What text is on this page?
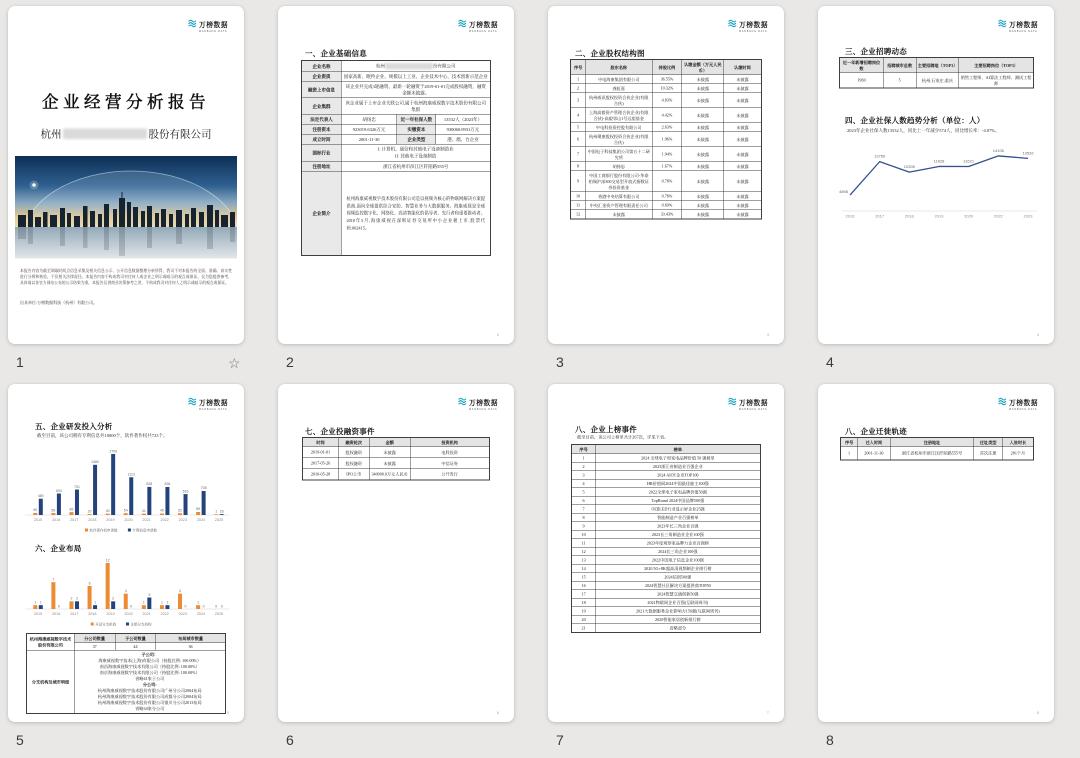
万榜数据
WANBANG DATA
企业经营分析报告
杭州	股份有限公司
本报告内容为截至调取时间点信息采集及相关信息公示、公开信息数据整理分析所得，我司不对本报告的全面、准确、真实性进行分辨和核验，不负相关法律责任。本报告内容不构成我司对任何人或企业之明示或暗示的观点或保证，仅为您提供参考，具体请以各官方网站公布的公示结果为准。本报告仅供商业决策参考之用，不构成我司对任何人之明示或暗示的观点或保证。
出具单位:万榜数据科技（杭州）有限公司。
万榜数据
WANBANG DATA
一、企业基础信息
企业名称	杭州 份有限公司		
企业资质	国家高新、瞪羚企业、规模以上工业、企业技术中心、技术创新示范企业		
融资上市信息	该企业共完成3轮融资、最新一轮融资于2019-01-01完成股权融资，融资金额未披露。		
企业集群	该企业属于上市企业关联公司,属于杭州海康威视数字技术股份有限公司集群		
法定代表人	胡扬忠	近一年社保人数	13532人（2023年）
注册资本	923019.6326万元	实缴资本	930060.0931万元
成立时间	2001-11-30	企业类型	港、澳、台企业
国标行业	I: 计算机、通信和其他电子设备制造业
II: 其他电子设备制造		

注册地址	浙江省杭州市滨江区阡陌路555号		
企业简介	杭州海康威视数字技术股份有限公司是以视频为核心的物联网解决方案提供商,面向全球提供综合安防、智慧业务与大数据服务。海康威视是全球视频监控数字化、网络化、高清智能化的倡导者、先行者和重要推动者。2010年5月,海康威视在深圳证券交易所中小企业板上市,股票代码:002415。		
2
万榜数据
WANBANG DATA
二、企业股权结构图
序号	股东名称	持股比例	认缴金额（万元人民币）	认缴时间
1	中电海康集团有限公司	36.55%	未披露	未披露
2	龚虹嘉	10.32%	未披露	未披露
3	杭州威讯股权投资合伙企业(有限合伙)	4.83%	未披露	未披露
4	上海高毅资产管理合伙企业(有限合伙)-高毅邻山1号远望基金	4.42%	未披露	未披露
5	中电科投资控股有限公司	2.63%	未披露	未披露
6	杭州璞康股权投资合伙企业(有限合伙)	1.96%	未披露	未披露
7	中国电子科技集团公司第五十二研究所	1.94%	未披露	未披露
8	胡扬忠	1.67%	未披露	未披露
9	中国工商银行股份有限公司-华泰柏瑞沪深300交易型开放式指数证券投资基金	0.78%	未披露	未披露
10	香港中央结算有限公司	0.78%	未披露	未披露
11	中央汇金资产管理有限责任公司	0.69%	未披露	未披露
12	未披露	33.43%	未披露	未披露
3
万榜数据
WANBANG DATA
三、企业招聘动态
近一年新增招聘岗位数	招聘城市总数	主要招聘地（TOP3）	主要招聘岗位（TOP3）
1969	5	杭州,石家庄,重庆	销售工程师、AI算法工程师、测试工程师
四、企业社保人数趋势分析（单位：人）
2023年企业社保人数13532人，同比上一年减少574人，同比增长率：-4.07%。
2016
4898
2017
12765
2018
10305
2019
11628
2020
11621
2022
14106
2023
13532
4
万榜数据
WANBANG DATA
五、企业研发投入分析
截至目前，该公司拥有专利信息共10000个，软件著作权共723个。
2015
60
480
2016
58
634
2017
85
751
2018
29
1480
2019
40
1799
2020
54
1113
2021
41
828
2022
45
826
2023
52
616
2024
89
708
2025
1 26
软件著作权申请数 专利信息申请数
六、企业布局
2015
1 1
2016
7
0
2017
2 2
2018
6
1
2019
12
2
2020
4
0
2021
1
3
2022
1 1
2023
4
0
2024
1
0
2025
0 0
开设分支机构 注销分支机构
杭州海康威视数字技术股份有限公司	分公司数量	子公司数量	布局城市数量
	37	44	36
分支机构及城市明细	
子公司：
海康威视数字技术(上海)有限公司（持股比例: 100.00%）
南昌海康威视数字技术有限公司（持股比例: 100.00%）
南京海康威视数字技术有限公司（持股比例: 100.00%）
省略41家子公司
分公司:
杭州海康威视数字技术股份有限公司广州分公司2004布局
杭州海康威视数字技术股份有限公司成都分公司2004布局
杭州海康威视数字技术股份有限公司银川分公司2013布局
省略34家分公司
5
万榜数据
WANBANG DATA
七、企业投融资事件
时间	融资轮次	金额	投资机构
2019-01-01	股权融资	未披露	电科投资
2017-05-26	股权融资	未披露	中信证券
2010-05-28	IPO上市	340000.0万元人民币	公开发行
6
万榜数据
WANBANG DATA
八、企业上榜事件
截至目前，该公司上榜单共计267次，详见下表。
序号	榜单
1	2024 全球电子和家电品牌价值 50 强榜单
2	2023浙江省制造业百强企业
3	2024 AIOT企业TOP100
4	HR价值网2024中国最佳雇主100强
5	2022全球电子家电品牌价值50强
6	TopBrand 2024中国品牌500强
7	中国LED行业显示屏企业25强
8	智能制造产业百强榜单
9	2023年长三角企业百强
10	2023长三角制造业企业100强
11	2023年度观察家品牌力企业百强榜
12	2024长三角企业100强
13	2022中国电子信息企业100强
14	2020 5G+8K超高清视频制企业排行榜
15	2024信创500强
16	2024智慧社区解决方案提供商TOP50
17	2024智慧交通创新50强
18	2021物联网企业百强(互联网周刊)
19	2021大数据服务企业影响力150强(互联网周刊)
20	2020智能家居创新排行榜
21	省略部分
7
万榜数据
WANBANG DATA
八、企业迁徙轨迹
序号	迁入时间	注册地址	迁址类型	入驻时长
1	2001-11-30	浙江省杭州市滨江区阡陌路555号	首次注册	281个月
8
1	☆	2	3	4
5	6	7	8
